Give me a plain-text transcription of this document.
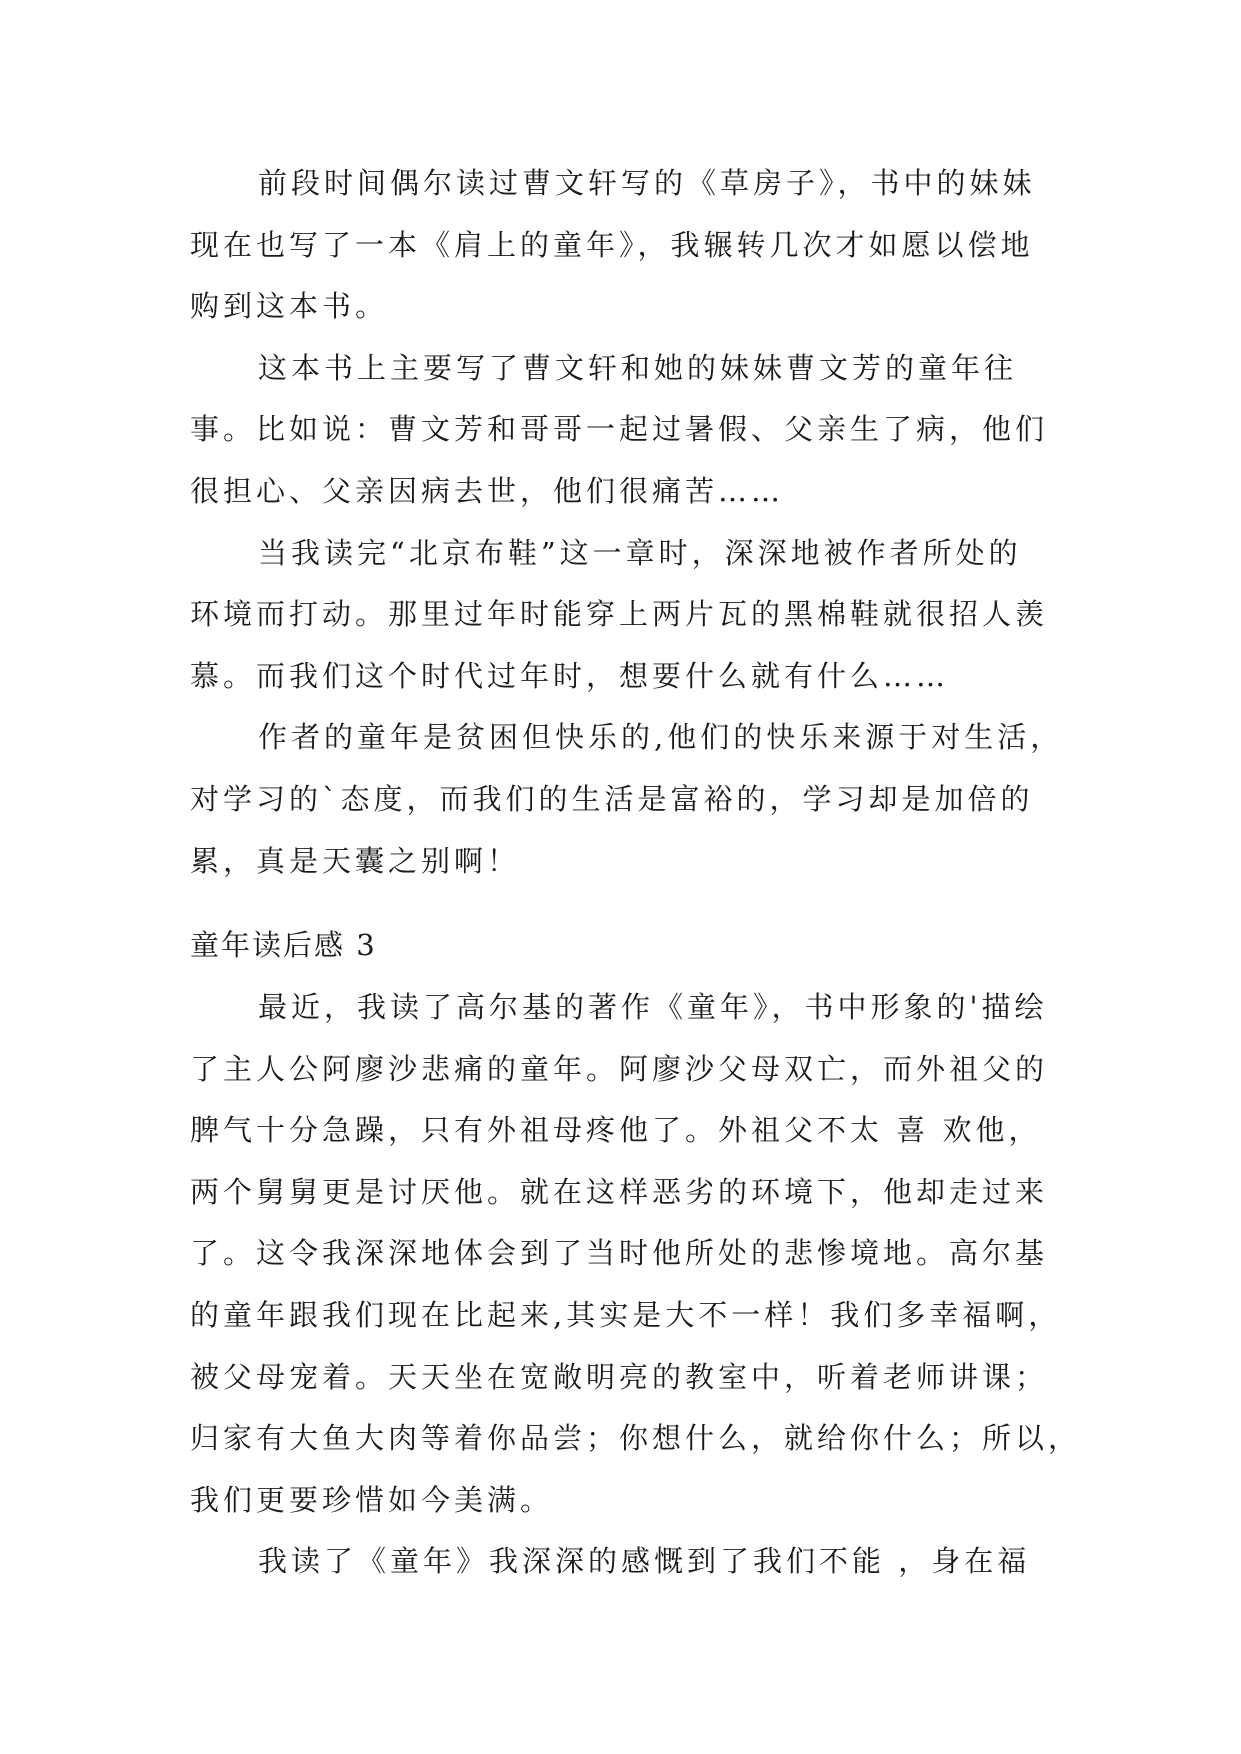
前段时间偶尔读过曹文轩写的《草房子》，书中的妹妹
现在也写了一本《肩上的童年》，我辗转几次才如愿以偿地
购到这本书。

这本书上主要写了曹文轩和她的妹妹曹文芳的童年往
事。比如说：曹文芳和哥哥一起过暑假、父亲生了病，他们
很担心、父亲因病去世，他们很痛苦……

当我读完“北京布鞋”这一章时，深深地被作者所处的
环境而打动。那里过年时能穿上两片瓦的黑棉鞋就很招人羡
慕。而我们这个时代过年时，想要什么就有什么……

作者的童年是贫困但快乐的,他们的快乐来源于对生活，
对学习的`态度，而我们的生活是富裕的，学习却是加倍的
累，真是天囊之别啊！

童年读后感 3

最近，我读了高尔基的著作《童年》，书中形象的'描绘
了主人公阿廖沙悲痛的童年。阿廖沙父母双亡，而外祖父的
脾气十分急躁，只有外祖母疼他了。外祖父不太 喜 欢他，
两个舅舅更是讨厌他。就在这样恶劣的环境下，他却走过来
了。这令我深深地体会到了当时他所处的悲惨境地。高尔基
的童年跟我们现在比起来,其实是大不一样！我们多幸福啊，
被父母宠着。天天坐在宽敞明亮的教室中，听着老师讲课；
归家有大鱼大肉等着你品尝；你想什么，就给你什么；所以，
我们更要珍惜如今美满。

我读了《童年》我深深的感慨到了我们不能 ，身在福
